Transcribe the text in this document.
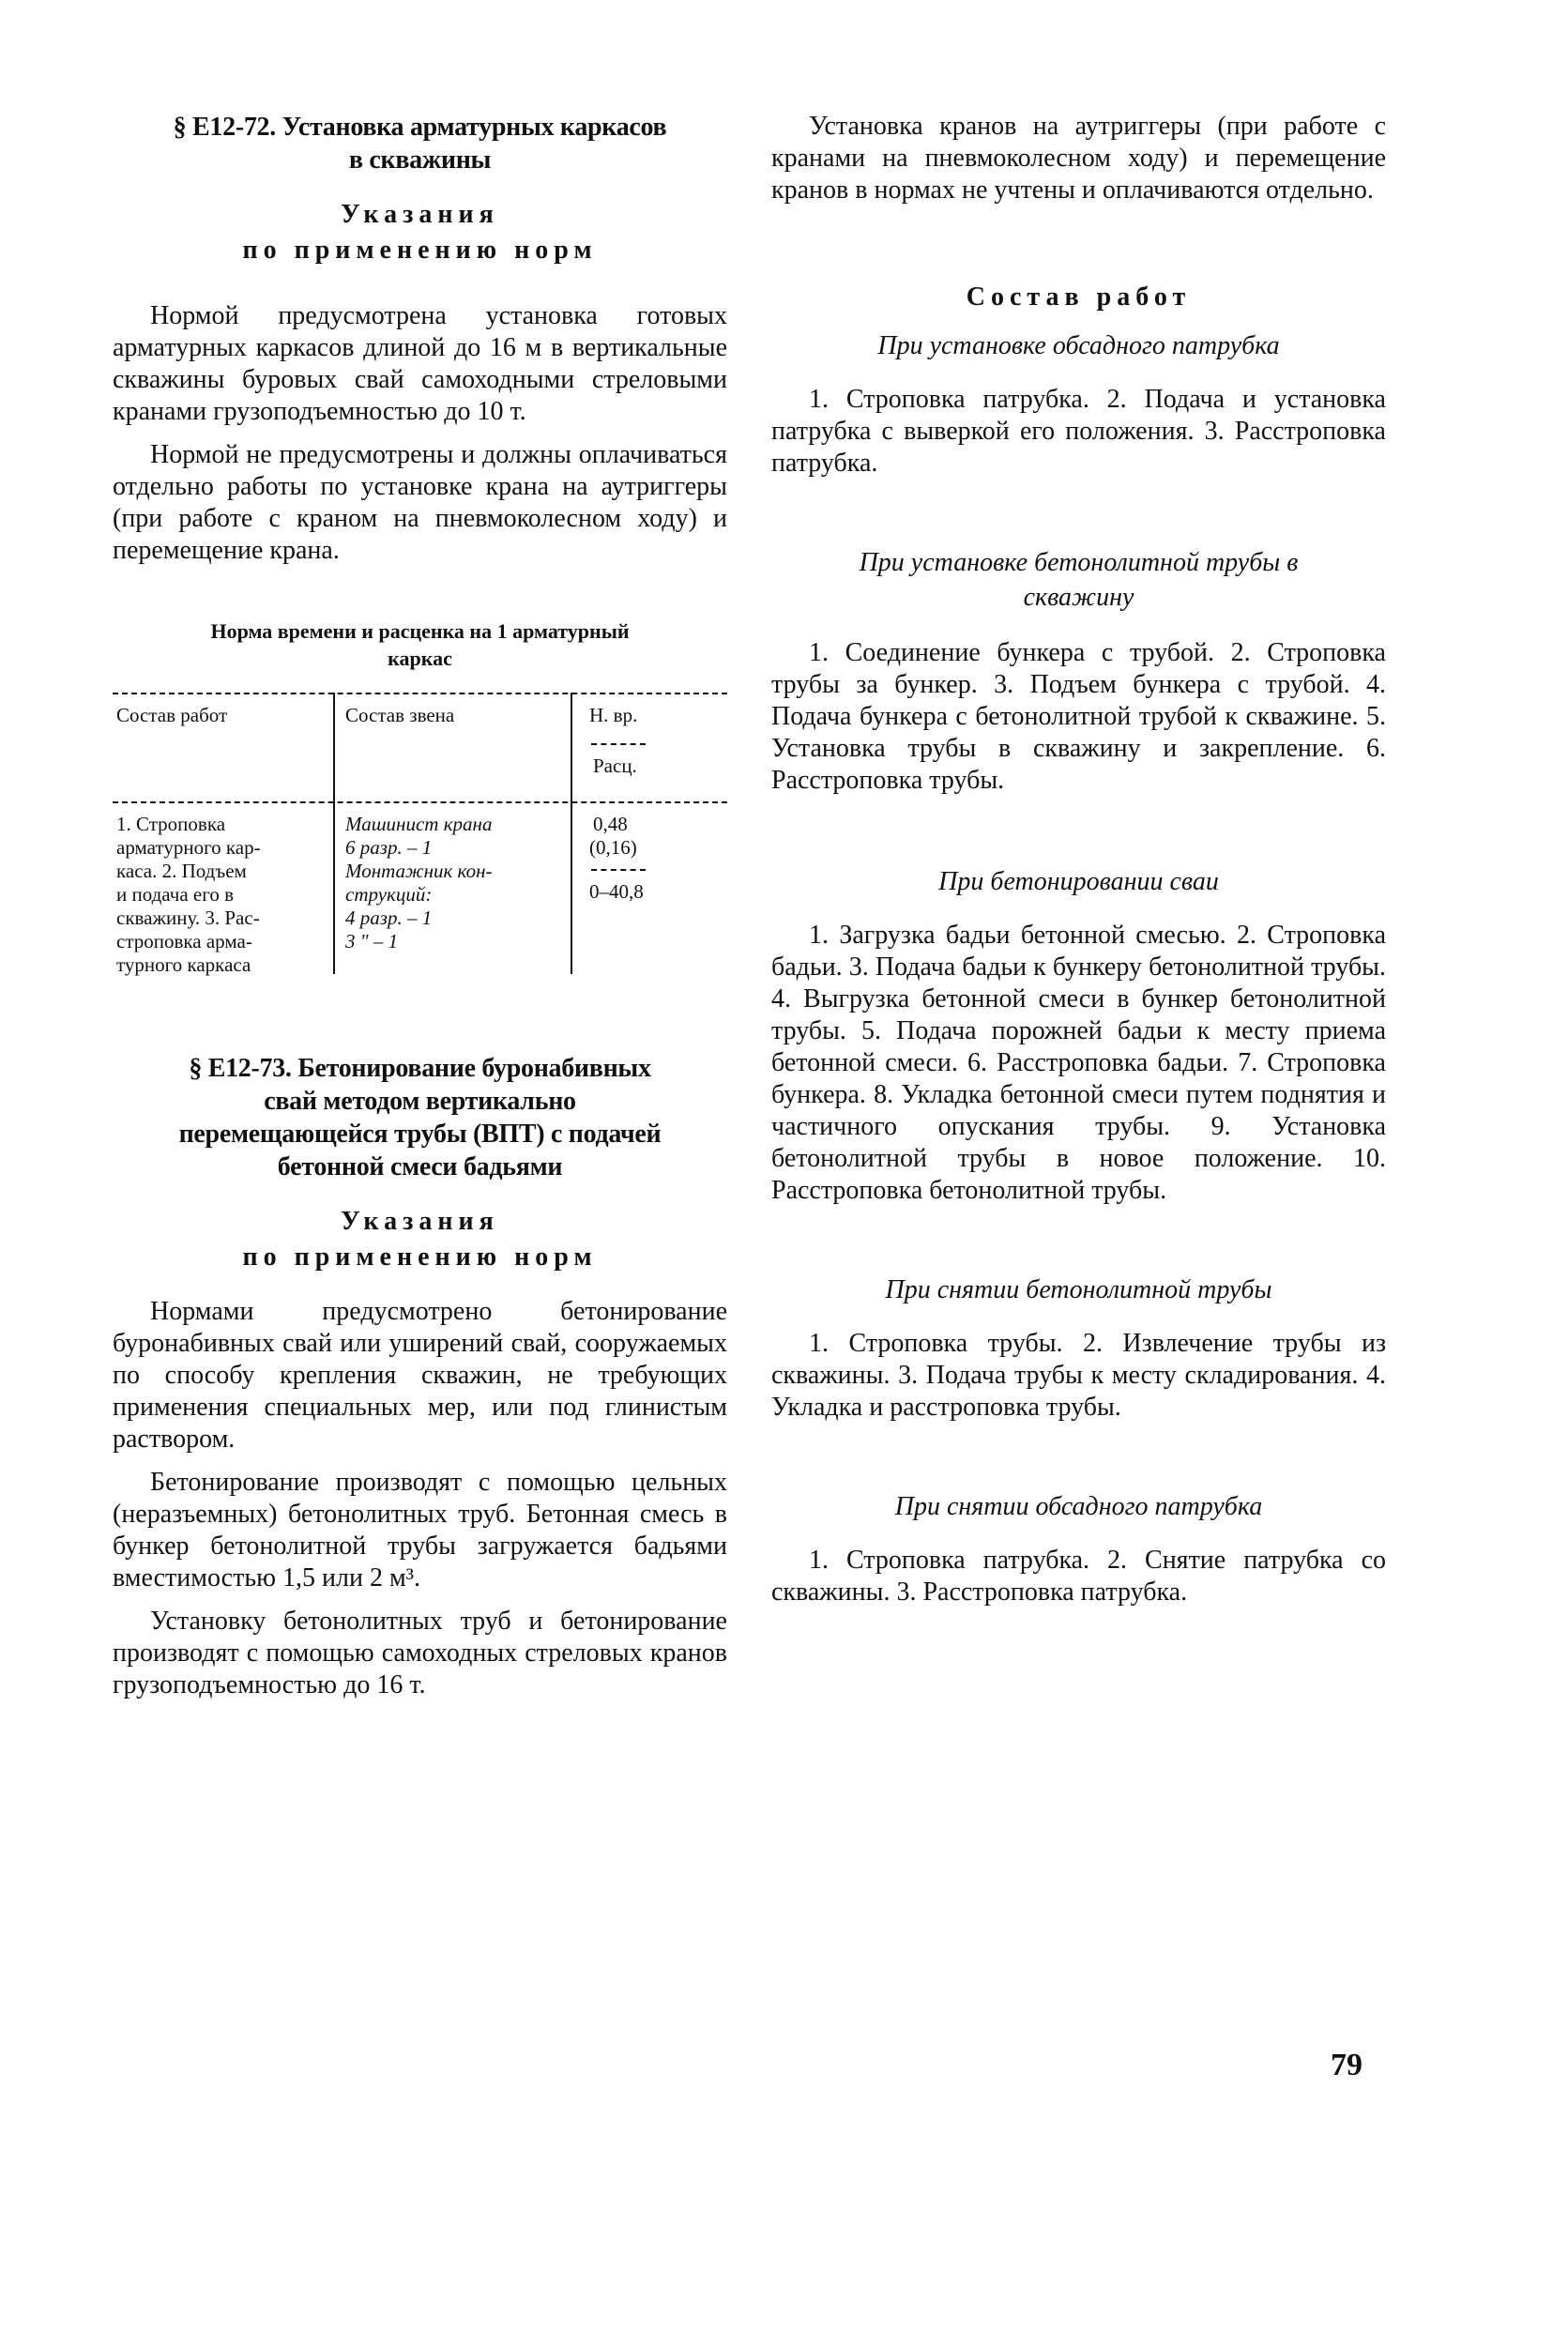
§ Е12-72. Установка арматурных каркасов
в скважины

Указания
по применению норм

Нормой предусмотрена установка готовых арматурных каркасов длиной до 16 м в вертикальные скважины буровых свай самоходными стреловыми кранами грузоподъемностью до 10 т.

Нормой не предусмотрены и должны оплачиваться отдельно работы по установке крана на аутриггеры (при работе с краном на пневмоколесном ходу) и перемещение крана.

Норма времени и расценка на 1 арматурный
каркас

Состав работ	Состав звена	Н. вр.
Расц.
1. Строповка
арматурного кар-
каса. 2. Подъем
и подача его в
скважину. 3. Рас-
строповка арма-
турного каркаса
Машинист крана
6 разр. – 1
Монтажник кон-
струкций:
4 разр. – 1
3 " – 1
0,48
(0,16)
0–40,8

§ Е12-73. Бетонирование буронабивных
свай методом вертикально
перемещающейся трубы (ВПТ) с подачей
бетонной смеси бадьями

Указания
по применению норм

Нормами предусмотрено бетонирование буронабивных свай или уширений свай, сооружаемых по способу крепления скважин, не требующих применения специальных мер, или под глинистым раствором.

Бетонирование производят с помощью цельных (неразъемных) бетонолитных труб. Бетонная смесь в бункер бетонолитной трубы загружается бадьями вместимостью 1,5 или 2 м³.

Установку бетонолитных труб и бетонирование производят с помощью самоходных стреловых кранов грузоподъемностью до 16 т.

Установка кранов на аутриггеры (при работе с кранами на пневмоколесном ходу) и перемещение кранов в нормах не учтены и оплачиваются отдельно.

Состав работ

При установке обсадного патрубка

1. Строповка патрубка. 2. Подача и установка патрубка с выверкой его положения. 3. Расстроповка патрубка.

При установке бетонолитной трубы в скважину

1. Соединение бункера с трубой. 2. Строповка трубы за бункер. 3. Подъем бункера с трубой. 4. Подача бункера с бетонолитной трубой к скважине. 5. Установка трубы в скважину и закрепление. 6. Расстроповка трубы.

При бетонировании сваи

1. Загрузка бадьи бетонной смесью. 2. Строповка бадьи. 3. Подача бадьи к бункеру бетонолитной трубы. 4. Выгрузка бетонной смеси в бункер бетонолитной трубы. 5. Подача порожней бадьи к месту приема бетонной смеси. 6. Расстроповка бадьи. 7. Строповка бункера. 8. Укладка бетонной смеси путем поднятия и частичного опускания трубы. 9. Установка бетонолитной трубы в новое положение. 10. Расстроповка бетонолитной трубы.

При снятии бетонолитной трубы

1. Строповка трубы. 2. Извлечение трубы из скважины. 3. Подача трубы к месту складирования. 4. Укладка и расстроповка трубы.

При снятии обсадного патрубка

1. Строповка патрубка. 2. Снятие патрубка со скважины. 3. Расстроповка патрубка.

79
